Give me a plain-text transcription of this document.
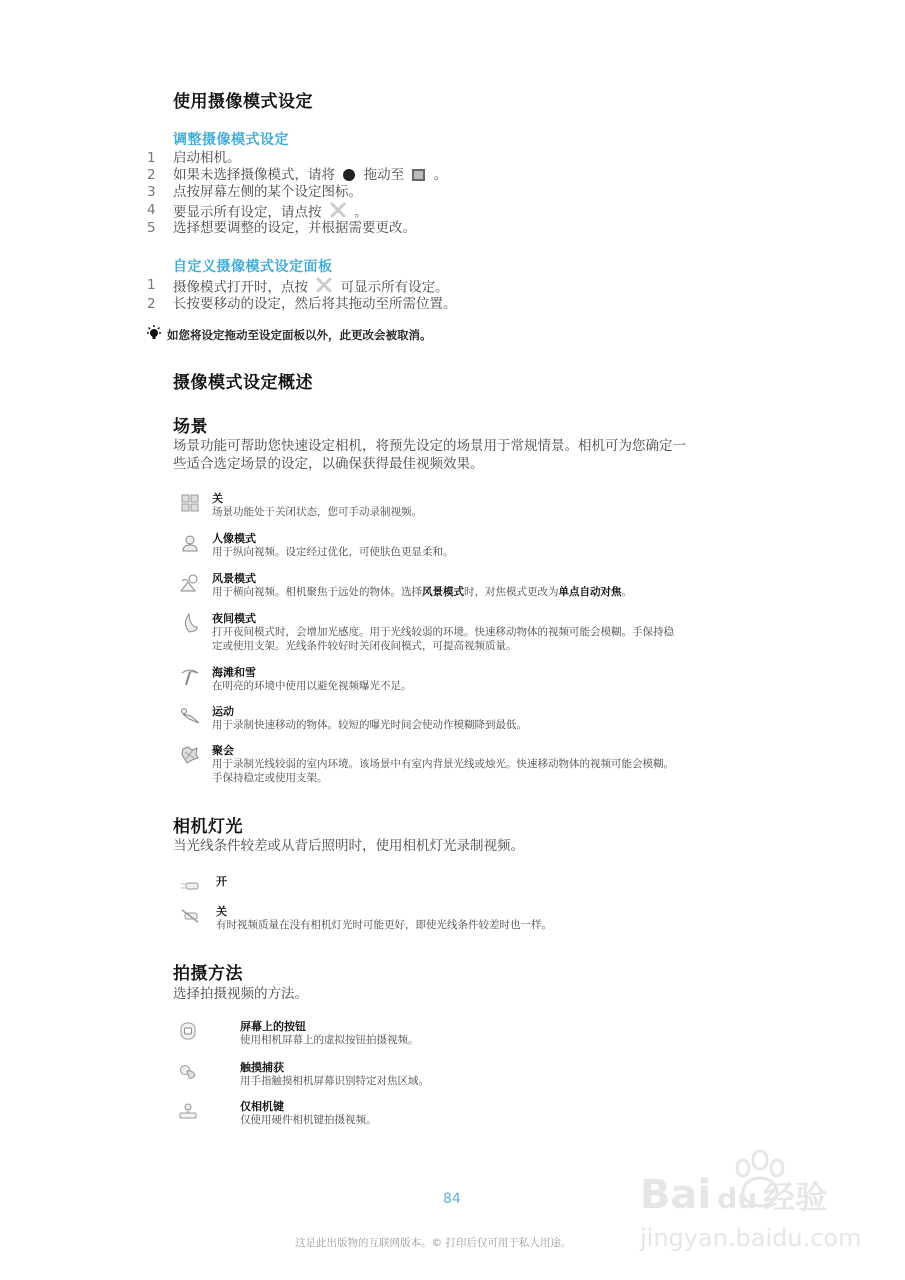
使用摄像模式设定
调整摄像模式设定
1	启动相机。
2	如果未选择摄像模式，请将 拖动至 。
3	点按屏幕左侧的某个设定图标。
4	要显示所有设定，请点按 。
5	选择想要调整的设定，并根据需要更改。
自定义摄像模式设定面板
1	摄像模式打开时，点按 可显示所有设定。
2	长按要移动的设定，然后将其拖动至所需位置。
如您将设定拖动至设定面板以外，此更改会被取消。
摄像模式设定概述
场景
场景功能可帮助您快速设定相机，将预先设定的场景用于常规情景。相机可为您确定一
些适合选定场景的设定，以确保获得最佳视频效果。
关
场景功能处于关闭状态，您可手动录制视频。
人像模式
用于纵向视频。设定经过优化，可使肤色更显柔和。
风景模式
用于横向视频。相机聚焦于远处的物体。选择风景模式时，对焦模式更改为单点自动对焦。
夜间模式
打开夜间模式时，会增加光感度。用于光线较弱的环境。快速移动物体的视频可能会模糊。手保持稳
定或使用支架。光线条件较好时关闭夜间模式，可提高视频质量。
海滩和雪
在明亮的环境中使用以避免视频曝光不足。
运动
用于录制快速移动的物体。较短的曝光时间会使动作模糊降到最低。
聚会
用于录制光线较弱的室内环境。该场景中有室内背景光线或烛光。快速移动物体的视频可能会模糊。
手保持稳定或使用支架。
相机灯光
当光线条件较差或从背后照明时，使用相机灯光录制视频。
开
关
有时视频质量在没有相机灯光时可能更好，即使光线条件较差时也一样。
拍摄方法
选择拍摄视频的方法。
屏幕上的按钮
使用相机屏幕上的虚拟按钮拍摄视频。
触摸捕获
用手指触摸相机屏幕识别特定对焦区域。
仅相机键
仅使用硬件相机键拍摄视频。
84
这是此出版物的互联网版本。© 打印后仅可用于私人用途。
Bai du 经验
jingyan.baidu.com
